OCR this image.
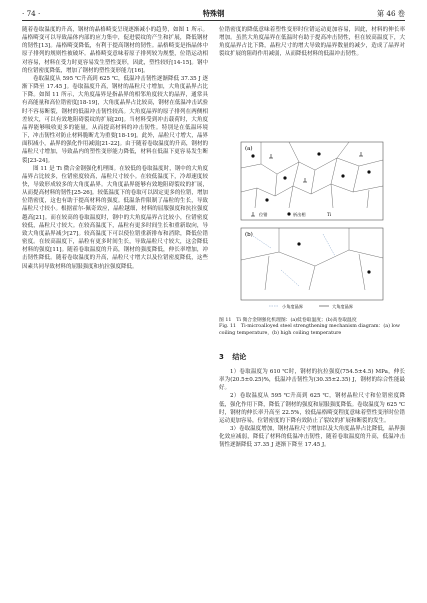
· 74 ·	特殊钢	第 46 卷

随着卷取温度的升高，钢材的晶格畸变呈现逐渐减小的趋势，如图 1 所示。晶格畸变可以导致晶体内部的应力集中，促进裂纹的产生和扩展，降低钢材的韧性[13]。晶格畸变降低，有利于提高钢材的韧性。晶格畸变是指晶体中原子排列的规则性被破坏。晶格畸变意味着原子排列较为规整，位错运动相对容易，材料在受力时更容易发生塑性变形，因此，塑性较好[14-15]。钢中的位错密度降低，增加了钢材的塑性变形能力[16]。

卷取温度从 595 ℃升高到 625 ℃，低温冲击韧性逐渐降低 37.35 J 逐渐下降至 17.45 J。卷取温度升高，钢材的晶粒尺寸增加，大角度晶界占比下降。如图 11 所示，大角度晶界是指晶界的相邻角度较大的晶界，通常具有高能量和高位错密度[18-19]，大角度晶界占比较高，钢材在低温冲击试验时不容易断裂，钢材的低温冲击韧性较高。大角度晶界的原子排列在两侧相差较大，可以有效地阻碍裂纹的扩展[20]。当材料受到冲击载荷时，大角度晶界能够吸收更多的能量，从而提高材料的冲击韧性。特别是在低温环境下，冲击韧性对防止材料脆断尤为重要[18-19]。此外，晶粒尺寸增大，晶界面积减小，晶界的强化作用减弱[21-22]。由于随着卷取温度的升高，钢材的晶粒尺寸增加，导致晶内的塑性变形能力降低，材料在低温下更容易发生断裂[23-24]。

图 11 是 Ti 微合金钢强化机理图。在较低的卷取温度时，钢中的大角度晶界占比较多，位错密度较高，晶粒尺寸较小。在较低温度下，冷却速度较快，导致形成较多的大角度晶界。大角度晶界能够有效地阻碍裂纹的扩展，从而提高材料的韧性[25-26]。较低温度下的卷取可以固定更多的位错，增加位错密度，这也有助于提高材料的强度。低温条件限制了晶粒的生长，导致晶粒尺寸较小。根据霍尔-佩奇效应，晶粒越细，材料的屈服强度和抗拉强度越高[21]。而在较高的卷取温度时，钢中的大角度晶界占比较小，位错密度较低，晶粒尺寸较大。在较高温度下，晶粒有更多时间生长和重新取向，导致大角度晶界减少[27]。较高温度下可以使位错重新排布和消除，降低位错密度。在较高温度下，晶粒有更多时间生长，导致晶粒尺寸较大，这会降低材料的强度[11]。随着卷取温度的升高，钢材的强度降低，伸长率增加，冲击韧性降低。随着卷取温度的升高，晶粒尺寸增大以及位错密度降低，这些因素共同导致材料的屈服强度和抗拉强度降低。

位错密度的降低意味着塑性变形时位错运动更加容易，因此，材料的伸长率增加。虽然大角度晶界在低温时有助于提高冲击韧性，但在较高温度下，大角度晶界占比下降，晶粒尺寸的增大导致的晶界数量的减少，造成了晶界对裂纹扩展的阻碍作用减弱，从而降低材料的低温冲击韧性。

(a)
位错	析出相	Ti
(b)
小角度晶界	大角度晶界
图 11　Ti 微合金钢强化机理图：(a)低卷取温度；(b)高卷取温度
Fig. 11　Ti-microalloyed steel strengthening mechanism diagram：(a) low coiling temperature，(b) high coiling temperature
3 结论

1）卷取温度为 610 ℃时，钢材的抗拉强度(754.5±4.5) MPa，伸长率为(20.5±0.25)%，低温冲击韧性为(30.35±2.35) J，钢材的综合性能最好。

2）卷取温度从 595 ℃升高到 625 ℃，钢材晶粒尺寸和位错密度降低，强化作用下降，降低了钢材的强度和屈服强度降低。卷取温度为 625 ℃时，钢材的伸长率升高至 22.5%，较低晶格畸变程度意味着塑性变形时位错运动更加容易，位错密度的下降有效防止了裂纹的扩展和断裂的发生。

3）卷取温度增加，钢材晶粒尺寸增加以及大角度晶界占比降低，晶界强化效应减弱，降低了材料的低温冲击韧性，随着卷取温度的升高，低温冲击韧性逐渐降低 37.35 J 逐渐下降至 17.45 J。
